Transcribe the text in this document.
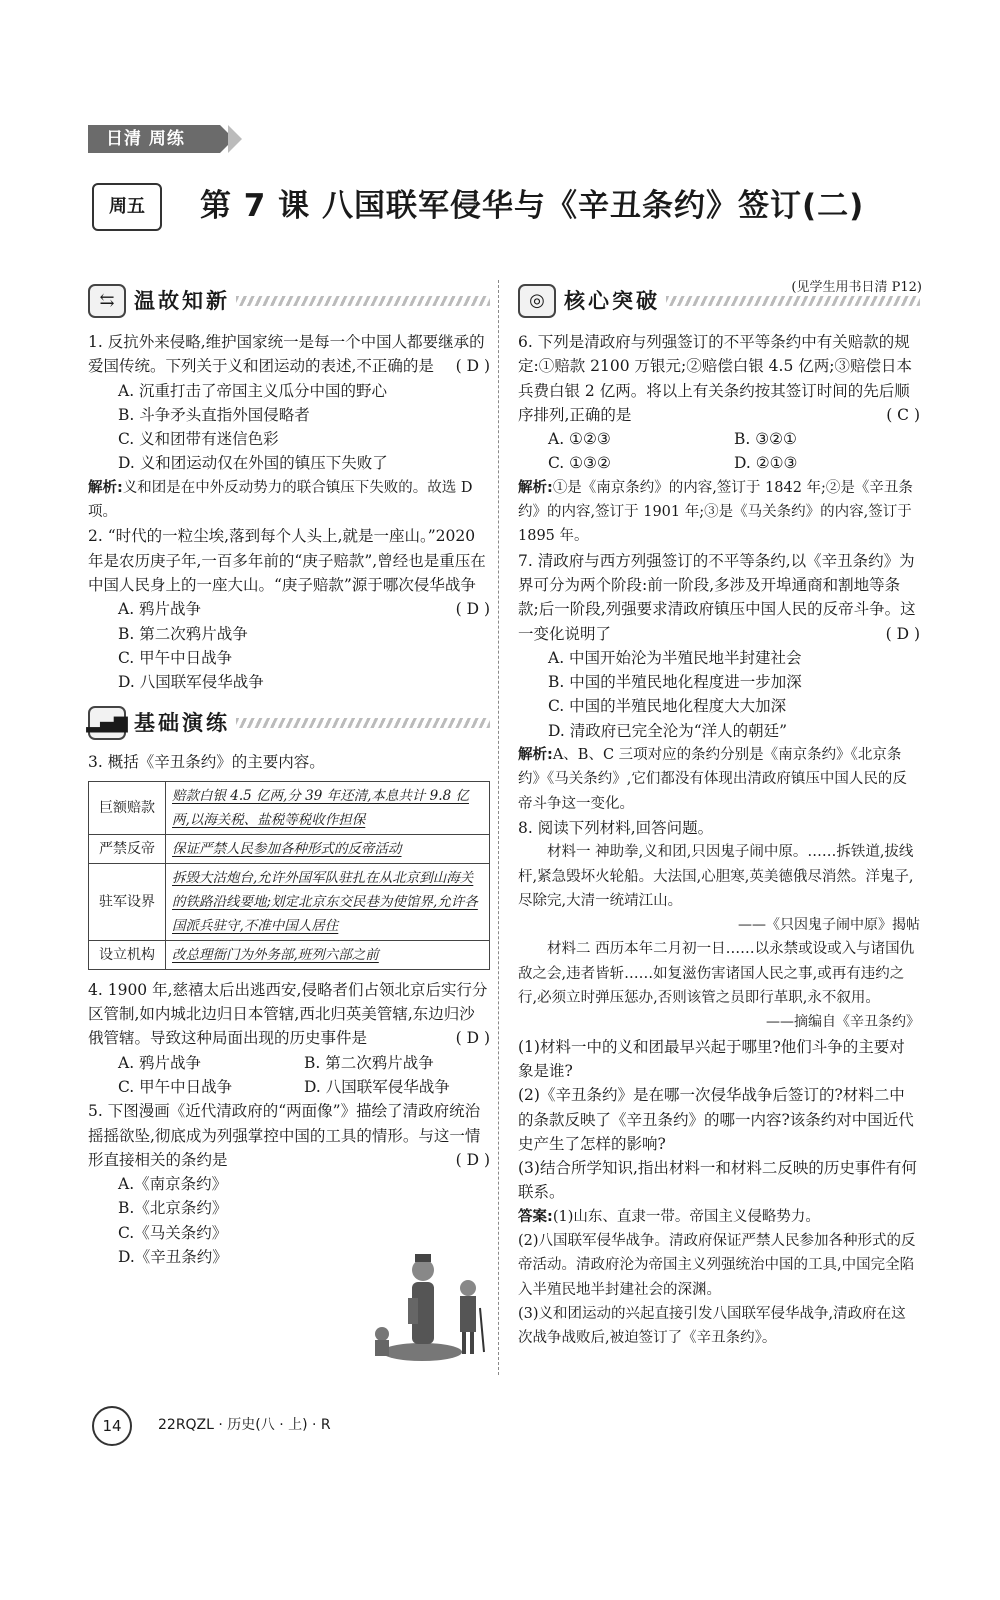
日清 周练
周五	第 7 课 八国联军侵华与《辛丑条约》签订(二)
(见学生用书日清 P12)
⇆ 温故知新

1. 反抗外来侵略,维护国家统一是每一个中国人都要继承的爱国传统。下列关于义和团运动的表述,不正确的是 ( D )

A. 沉重打击了帝国主义瓜分中国的野心

B. 斗争矛头直指外国侵略者

C. 义和团带有迷信色彩

D. 义和团运动仅在外国的镇压下失败了

解析:义和团是在中外反动势力的联合镇压下失败的。故选 D 项。

2. “时代的一粒尘埃,落到每个人头上,就是一座山。”2020 年是农历庚子年,一百多年前的“庚子赔款”,曾经也是重压在中国人民身上的一座大山。“庚子赔款”源于哪次侵华战争
( D )

A. 鸦片战争

B. 第二次鸦片战争

C. 甲午中日战争

D. 八国联军侵华战争

▂▄▆ 基础演练

3. 概括《辛丑条约》的主要内容。

巨额赔款	赔款白银 4.5 亿两,分 39 年还清,本息共计 9.8 亿两,以海关税、盐税等税收作担保
严禁反帝	保证严禁人民参加各种形式的反帝活动
驻军设界	拆毁大沽炮台,允许外国军队驻扎在从北京到山海关的铁路沿线要地;划定北京东交民巷为使馆界,允许各国派兵驻守,不准中国人居住
设立机构	改总理衙门为外务部,班列六部之前

4. 1900 年,慈禧太后出逃西安,侵略者们占领北京后实行分区管制,如内城北边归日本管辖,西北归英美管辖,东边归沙俄管辖。导致这种局面出现的历史事件是	( D )

A. 鸦片战争	B. 第二次鸦片战争
C. 甲午中日战争	D. 八国联军侵华战争

5. 下图漫画《近代清政府的“两面像”》描绘了清政府统治摇摇欲坠,彻底成为列强掌控中国的工具的情形。与这一情形直接相关的条约是	( D )

A.《南京条约》

B.《北京条约》

C.《马关条约》

D.《辛丑条约》

◎ 核心突破

6. 下列是清政府与列强签订的不平等条约中有关赔款的规定:①赔款 2100 万银元;②赔偿白银 4.5 亿两;③赔偿日本兵费白银 2 亿两。将以上有关条约按其签订时间的先后顺序排列,正确的是	( C )

A. ①②③	B. ③②①
C. ①③②	D. ②①③

解析:①是《南京条约》的内容,签订于 1842 年;②是《辛丑条约》的内容,签订于 1901 年;③是《马关条约》的内容,签订于 1895 年。

7. 清政府与西方列强签订的不平等条约,以《辛丑条约》为界可分为两个阶段:前一阶段,多涉及开埠通商和割地等条款;后一阶段,列强要求清政府镇压中国人民的反帝斗争。这一变化说明了	( D )

A. 中国开始沦为半殖民地半封建社会

B. 中国的半殖民地化程度进一步加深

C. 中国的半殖民地化程度大大加深

D. 清政府已完全沦为“洋人的朝廷”

解析:A、B、C 三项对应的条约分别是《南京条约》《北京条约》《马关条约》,它们都没有体现出清政府镇压中国人民的反帝斗争这一变化。

8. 阅读下列材料,回答问题。

材料一 神助拳,义和团,只因鬼子闹中原。……拆铁道,拔线杆,紧急毁坏火轮船。大法国,心胆寒,英美德俄尽消然。洋鬼子,尽除完,大清一统靖江山。

——《只因鬼子闹中原》揭帖

材料二 西历本年二月初一日……以永禁或设或入与诸国仇敌之会,违者皆斩……如复滋伤害诸国人民之事,或再有违约之行,必须立时弹压惩办,否则该管之员即行革职,永不叙用。

——摘编自《辛丑条约》

(1)材料一中的义和团最早兴起于哪里?他们斗争的主要对象是谁?

(2)《辛丑条约》是在哪一次侵华战争后签订的?材料二中的条款反映了《辛丑条约》的哪一内容?该条约对中国近代史产生了怎样的影响?

(3)结合所学知识,指出材料一和材料二反映的历史事件有何联系。

答案:(1)山东、直隶一带。帝国主义侵略势力。

(2)八国联军侵华战争。清政府保证严禁人民参加各种形式的反帝活动。清政府沦为帝国主义列强统治中国的工具,中国完全陷入半殖民地半封建社会的深渊。

(3)义和团运动的兴起直接引发八国联军侵华战争,清政府在这次战争战败后,被迫签订了《辛丑条约》。

14	22RQZL · 历史(八 · 上) · R
